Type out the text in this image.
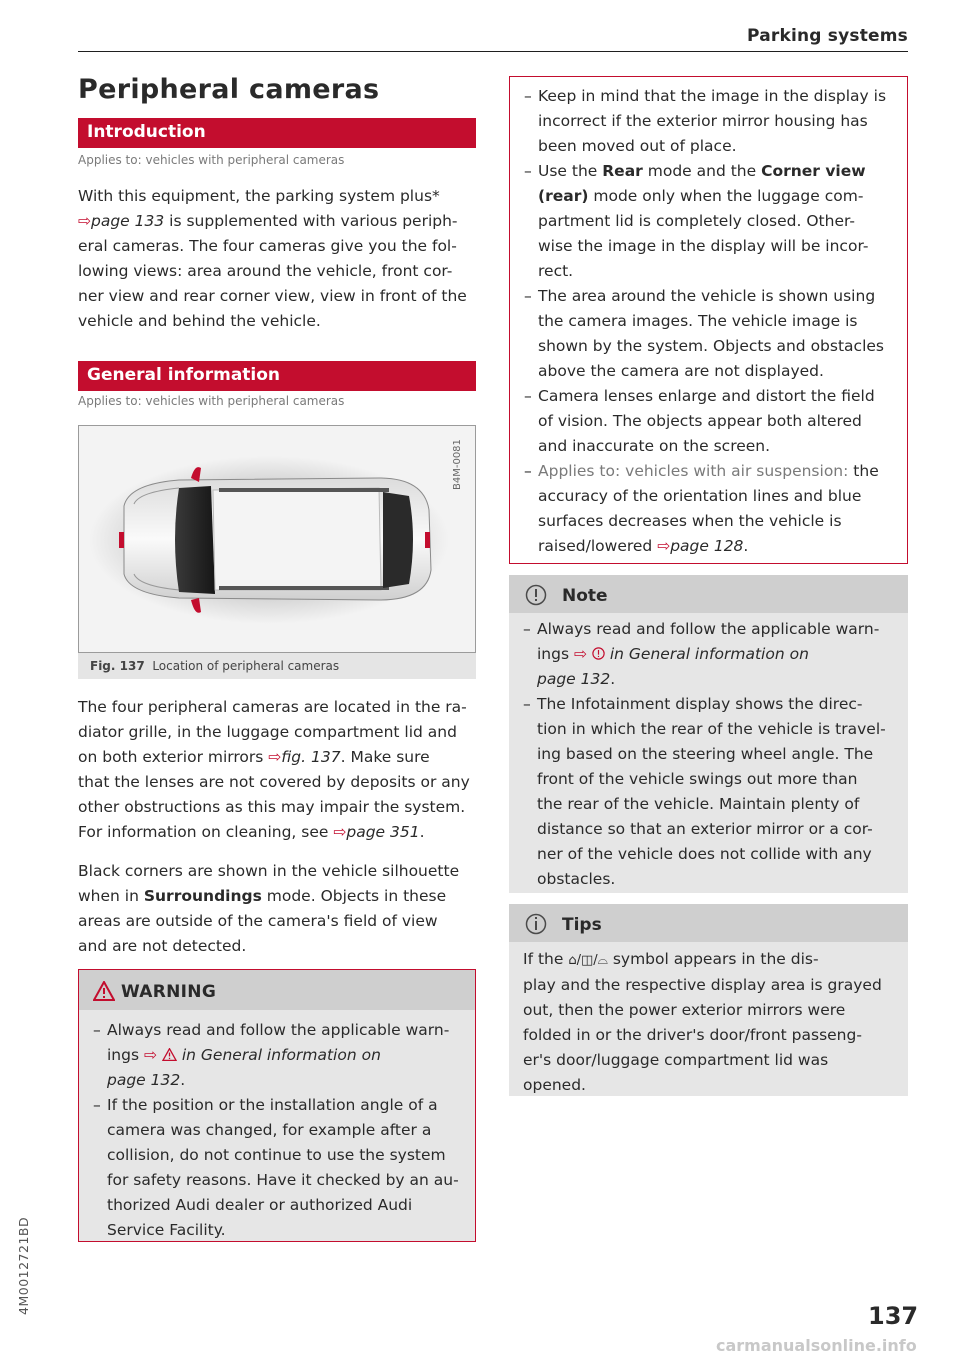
Parking systems
Peripheral cameras
Introduction
Applies to: vehicles with peripheral cameras

With this equipment, the parking system plus*

⇨page 133 is supplemented with various periph-

eral cameras. The four cameras give you the fol-

lowing views: area around the vehicle, front cor-

ner view and rear corner view, view in front of the

vehicle and behind the vehicle.

General information
Applies to: vehicles with peripheral cameras
B4M-0081
Fig. 137 Location of peripheral cameras

The four peripheral cameras are located in the ra-

diator grille, in the luggage compartment lid and

on both exterior mirrors ⇨fig. 137. Make sure

that the lenses are not covered by deposits or any

other obstructions as this may impair the system.

For information on cleaning, see ⇨page 351.

Black corners are shown in the vehicle silhouette

when in Surroundings mode. Objects in these

areas are outside of the camera's field of view

and are not detected.

WARNING
– Always read and follow the applicable warn-
ings ⇨ in General information on
page 132.
– If the position or the installation angle of a
camera was changed, for example after a
collision, do not continue to use the system
for safety reasons. Have it checked by an au-
thorized Audi dealer or authorized Audi
Service Facility.
– Keep in mind that the image in the display is
incorrect if the exterior mirror housing has
been moved out of place.
– Use the Rear mode and the Corner view
(rear) mode only when the luggage com-
partment lid is completely closed. Other-
wise the image in the display will be incor-
rect.
– The area around the vehicle is shown using
the camera images. The vehicle image is
shown by the system. Objects and obstacles
above the camera are not displayed.
– Camera lenses enlarge and distort the field
of vision. The objects appear both altered
and inaccurate on the screen.
– Applies to: vehicles with air suspension: the
accuracy of the orientation lines and blue
surfaces decreases when the vehicle is
raised/lowered ⇨page 128.
Note
– Always read and follow the applicable warn-
ings ⇨ in General information on
page 132.
– The Infotainment display shows the direc-
tion in which the rear of the vehicle is travel-
ing based on the steering wheel angle. The
front of the vehicle swings out more than
the rear of the vehicle. Maintain plenty of
distance so that an exterior mirror or a cor-
ner of the vehicle does not collide with any
obstacles.
Tips

If the ⌂/◫/⌓ symbol appears in the dis-

play and the respective display area is grayed

out, then the power exterior mirrors were

folded in or the driver's door/front passeng-

er's door/luggage compartment lid was

opened.

137
4M0012721BD
carmanualsonline.info
